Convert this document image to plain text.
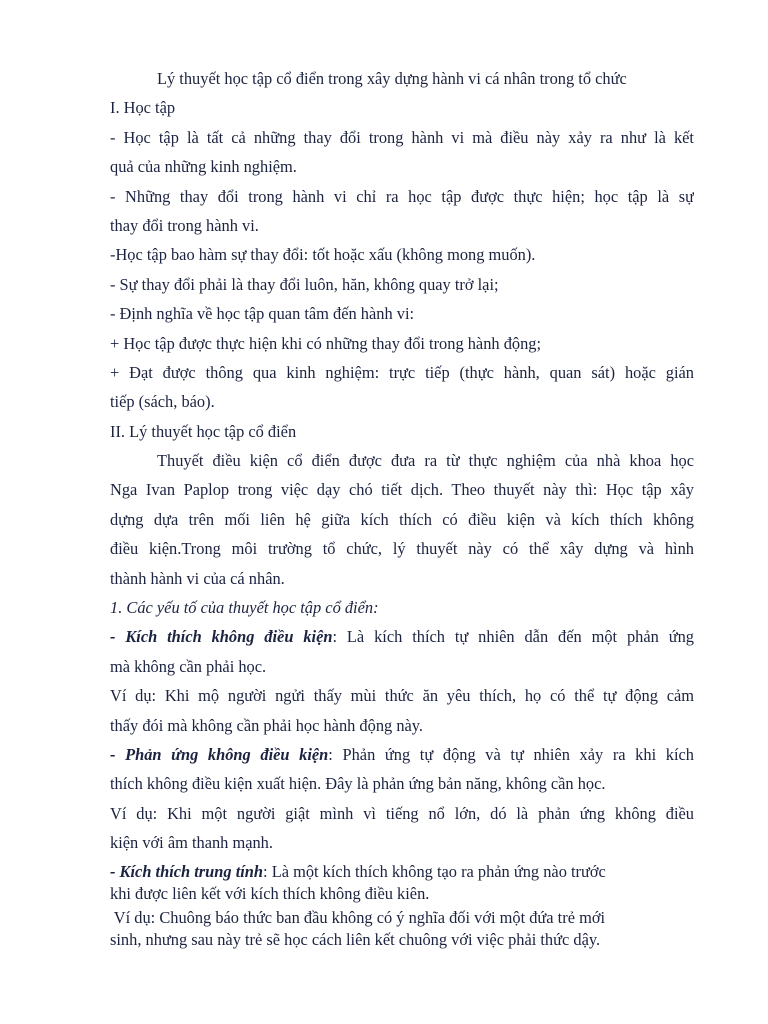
Lý thuyết học tập cổ điển trong xây dựng hành vi cá nhân trong tổ chức
I. Học tập
- Học tập là tất cả những thay đổi trong hành vi mà điều này xảy ra như là kết
quả của những kinh nghiệm.
- Những thay đổi trong hành vi chỉ ra học tập được thực hiện; học tập là sự
thay đổi trong hành vi.
-Học tập bao hàm sự thay đổi: tốt hoặc xấu (không mong muốn).
- Sự thay đổi phải là thay đổi luôn, hăn, không quay trở lại;
- Định nghĩa về học tập quan tâm đến hành vi:
+ Học tập được thực hiện khi có những thay đổi trong hành động;
+ Đạt được thông qua kinh nghiệm: trực tiếp (thực hành, quan sát) hoặc gián
tiếp (sách, báo).
II. Lý thuyết học tập cổ điển
Thuyết điều kiện cổ điển được đưa ra từ thực nghiệm của nhà khoa học
Nga Ivan Paplop trong việc dạy chó tiết dịch. Theo thuyết này thì: Học tập xây
dựng dựa trên mối liên hệ giữa kích thích có điều kiện và kích thích không
điều kiện.Trong môi trường tổ chức, lý thuyết này có thể xây dựng và hình
thành hành vi của cá nhân.
1. Các yếu tố của thuyết học tập cổ điển:
- Kích thích không điều kiện: Là kích thích tự nhiên dẫn đến một phản ứng
mà không cần phải học.
Ví dụ: Khi mộ người ngửi thấy mùi thức ăn yêu thích, họ có thể tự động cảm
thấy đói mà không cần phải học hành động này.
- Phản ứng không điều kiện: Phản ứng tự động và tự nhiên xảy ra khi kích
thích không điều kiện xuất hiện. Đây là phản ứng bản năng, không cần học.
Ví dụ: Khi một người giật mình vì tiếng nổ lớn, dó là phản ứng không điều
kiện với âm thanh mạnh.
- Kích thích trung tính: Là một kích thích không tạo ra phản ứng nào trước
khi được liên kết với kích thích không điều kiên.
Ví dụ: Chuông báo thức ban đầu không có ý nghĩa đối với một đứa trẻ mới
sinh, nhưng sau này trẻ sẽ học cách liên kết chuông với việc phải thức dậy.
